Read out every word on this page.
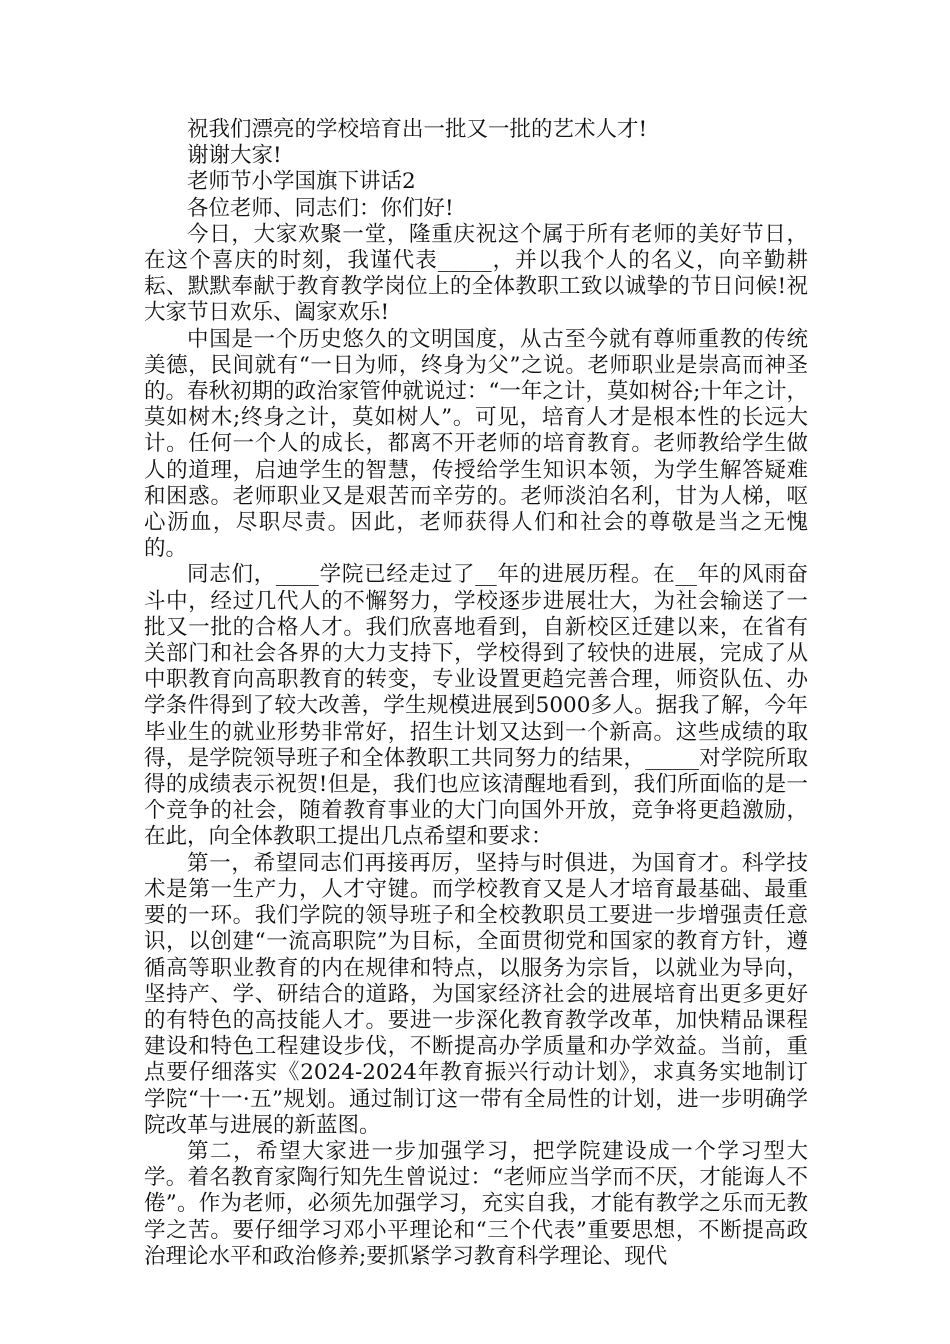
祝我们漂亮的学校培育出一批又一批的艺术人才!

谢谢大家!

老师节小学国旗下讲话2

各位老师、同志们：你们好!

今日，大家欢聚一堂，隆重庆祝这个属于所有老师的美好节日，在这个喜庆的时刻，我谨代表_____，并以我个人的名义，向辛勤耕耘、默默奉献于教育教学岗位上的全体教职工致以诚挚的节日问候!祝大家节日欢乐、阖家欢乐!

中国是一个历史悠久的文明国度，从古至今就有尊师重教的传统美德，民间就有“一日为师，终身为父”之说。老师职业是崇高而神圣的。春秋初期的政治家管仲就说过：“一年之计，莫如树谷;十年之计，莫如树木;终身之计，莫如树人”。可见，培育人才是根本性的长远大计。任何一个人的成长，都离不开老师的培育教育。老师教给学生做人的道理，启迪学生的智慧，传授给学生知识本领，为学生解答疑难和困惑。老师职业又是艰苦而辛劳的。老师淡泊名利，甘为人梯，呕心沥血，尽职尽责。因此，老师获得人们和社会的尊敬是当之无愧的。

同志们，____学院已经走过了__年的进展历程。在__年的风雨奋斗中，经过几代人的不懈努力，学校逐步进展壮大，为社会输送了一批又一批的合格人才。我们欣喜地看到，自新校区迁建以来，在省有关部门和社会各界的大力支持下，学校得到了较快的进展，完成了从中职教育向高职教育的转变，专业设置更趋完善合理，师资队伍、办学条件得到了较大改善，学生规模进展到5000多人。据我了解，今年毕业生的就业形势非常好，招生计划又达到一个新高。这些成绩的取得，是学院领导班子和全体教职工共同努力的结果，_____对学院所取得的成绩表示祝贺!但是，我们也应该清醒地看到，我们所面临的是一个竞争的社会，随着教育事业的大门向国外开放，竞争将更趋激励，在此，向全体教职工提出几点希望和要求：

第一，希望同志们再接再厉，坚持与时俱进，为国育才。科学技术是第一生产力，人才守键。而学校教育又是人才培育最基础、最重要的一环。我们学院的领导班子和全校教职员工要进一步增强责任意识，以创建“一流高职院”为目标，全面贯彻党和国家的教育方针，遵循高等职业教育的内在规律和特点，以服务为宗旨，以就业为导向，坚持产、学、研结合的道路，为国家经济社会的进展培育出更多更好的有特色的高技能人才。要进一步深化教育教学改革，加快精品课程建设和特色工程建设步伐，不断提高办学质量和办学效益。当前，重点要仔细落实《2024-2024年教育振兴行动计划》，求真务实地制订学院“十一·五”规划。通过制订这一带有全局性的计划，进一步明确学院改革与进展的新蓝图。

第二，希望大家进一步加强学习，把学院建设成一个学习型大学。着名教育家陶行知先生曾说过：“老师应当学而不厌，才能诲人不倦”。作为老师，必须先加强学习，充实自我，才能有教学之乐而无教学之苦。要仔细学习邓小平理论和“三个代表”重要思想，不断提高政治理论水平和政治修养;要抓紧学习教育科学理论、现代
